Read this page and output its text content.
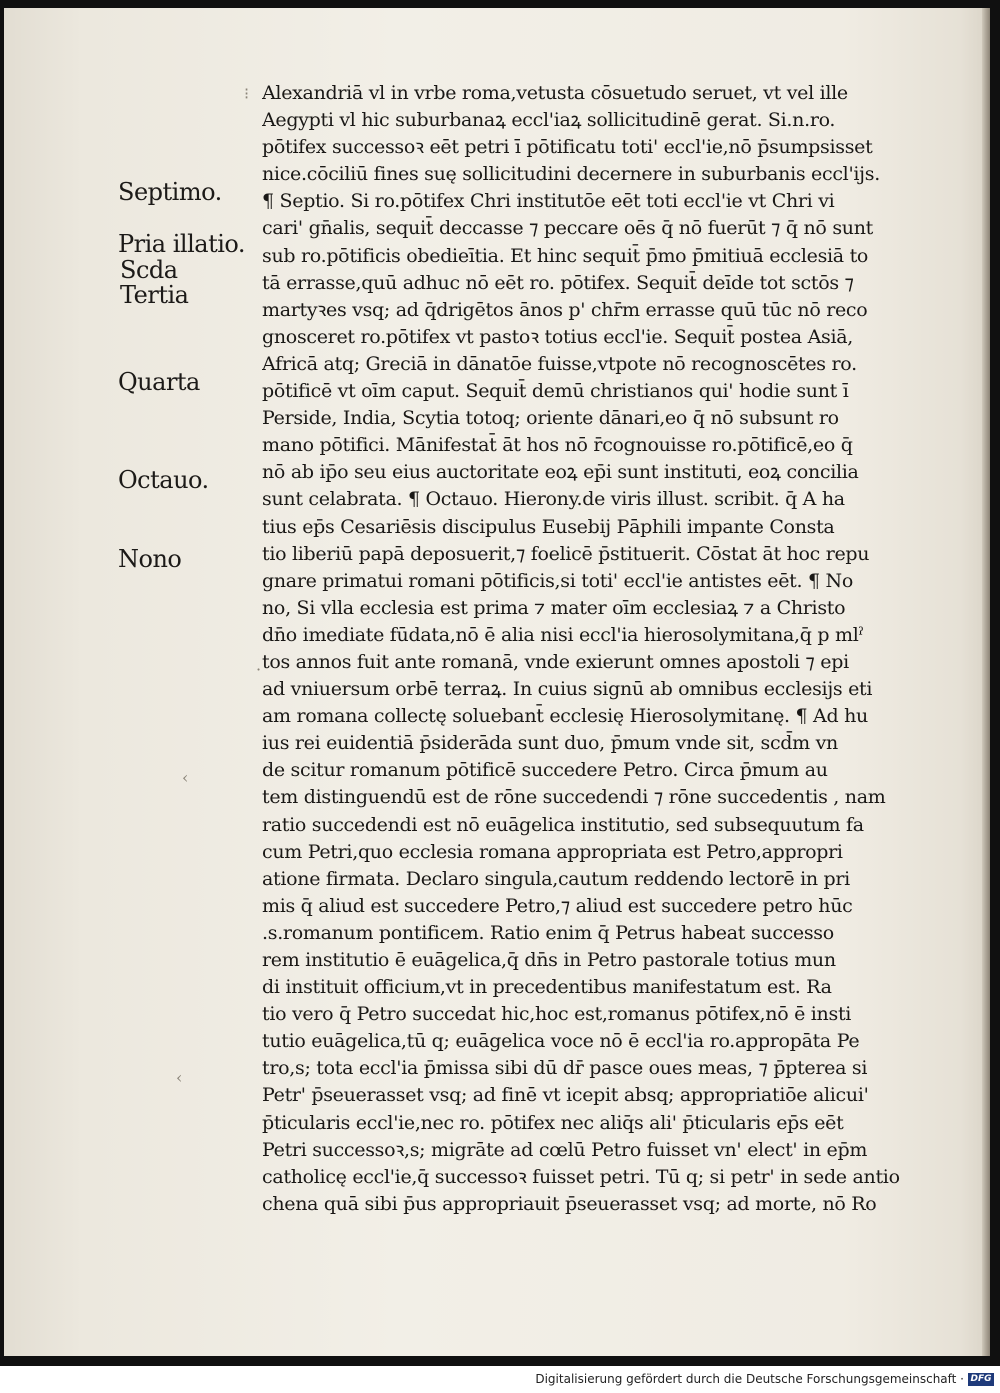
Septimo.

Pria illatio.

Scda

Tertia

Quarta

Octauo.

Nono

⁝
·
‹
‹
Alexandriā vl in vrbe roma,vetusta cōsuetudo seruet, vt vel ille
Aegypti vl hic suburbanaꝝ eccl'iaꝝ sollicitudinē gerat. Si.n.ro.
pōtifex successoꝛ eēt petri ī pōtificatu toti' eccl'ie,nō p̄sumpsisset
nice.cōciliū fines suę sollicitudini decernere in suburbanis eccl'ijs.
¶ Septio. Si ro.pōtifex Chri institutōe eēt toti eccl'ie vt Chri vi
cari' gn̄alis, sequit̄ deccasse ⁊ peccare oēs q̄ nō fuerūt ⁊ q̄ nō sunt
sub ro.pōtificis obedieītia. Et hinc sequit̄ p̄mo p̄mitiuā ecclesiā to
tā errasse,quū adhuc nō eēt ro. pōtifex. Sequit̄ deīde tot sctōs ⁊
martyꝛes vsq; ad q̄drigētos ānos p' chr̄m errasse quū tūc nō reco
gnosceret ro.pōtifex vt pastoꝛ totius eccl'ie. Sequit̄ postea Asiā,
Africā atq; Greciā in dānatōe fuisse,vtpote nō recognoscētes ro.
pōtificē vt oīm caput. Sequit̄ demū christianos qui' hodie sunt ī
Perside, India, Scytia totoq; oriente dānari,eo q̄ nō subsunt ro
mano pōtifici. Mānifestat̄ āt hos nō r̄cognouisse ro.pōtificē,eo q̄
nō ab ip̄o seu eius auctoritate eoꝝ ep̄i sunt instituti, eoꝝ concilia
sunt celabrata. ¶ Octauo. Hierony.de viris illust. scribit. q̄ A ha
tius ep̄s Cesariēsis discipulus Eusebij Pāphili impante Consta
tio liberiū papā deposuerit,⁊ foelicē p̄stituerit. Cōstat āt hoc repu
gnare primatui romani pōtificis,si toti' eccl'ie antistes eēt. ¶ No
no, Si vlla ecclesia est prima ⁊ mater oīm ecclesiaꝝ ⁊ a Christo
dn̄o imediate fūdata,nō ē alia nisi eccl'ia hierosolymitana,q̄ p mlˀ
tos annos fuit ante romanā, vnde exierunt omnes apostoli ⁊ epi
ad vniuersum orbē terraꝝ. In cuius signū ab omnibus ecclesijs eti
am romana collectę soluebant̄ ecclesię Hierosolymitanę. ¶ Ad hu
ius rei euidentiā p̄siderāda sunt duo, p̄mum vnde sit, scd̄m vn
de scitur romanum pōtificē succedere Petro. Circa p̄mum au
tem distinguendū est de rōne succedendi ⁊ rōne succedentis , nam
ratio succedendi est nō euāgelica institutio, sed subsequutum fa
cum Petri,quo ecclesia romana appropriata est Petro,appropri
atione firmata. Declaro singula,cautum reddendo lectorē in pri
mis q̄ aliud est succedere Petro,⁊ aliud est succedere petro hūc
.s.romanum pontificem. Ratio enim q̄ Petrus habeat successo
rem institutio ē euāgelica,q̄ dn̄s in Petro pastorale totius mun
di instituit officium,vt in precedentibus manifestatum est. Ra
tio vero q̄ Petro succedat hic,hoc est,romanus pōtifex,nō ē insti
tutio euāgelica,tū q; euāgelica voce nō ē eccl'ia ro.appropāta Pe
tro,s; tota eccl'ia p̄missa sibi dū dr̄ pasce oues meas, ⁊ p̄pterea si
Petr' p̄seuerasset vsq; ad finē vt icepit absq; appropriatiōe alicui'
p̄ticularis eccl'ie,nec ro. pōtifex nec aliq̄s ali' p̄ticularis ep̄s eēt
Petri successoꝛ,s; migrāte ad cœlū Petro fuisset vn' elect' in ep̄m
catholicę eccl'ie,q̄ successoꝛ fuisset petri. Tū q; si petr' in sede antio
chena quā sibi p̄us appropriauit p̄seuerasset vsq; ad morte, nō Ro
Digitalisierung gefördert durch die Deutsche Forschungsgemeinschaft · DFG
